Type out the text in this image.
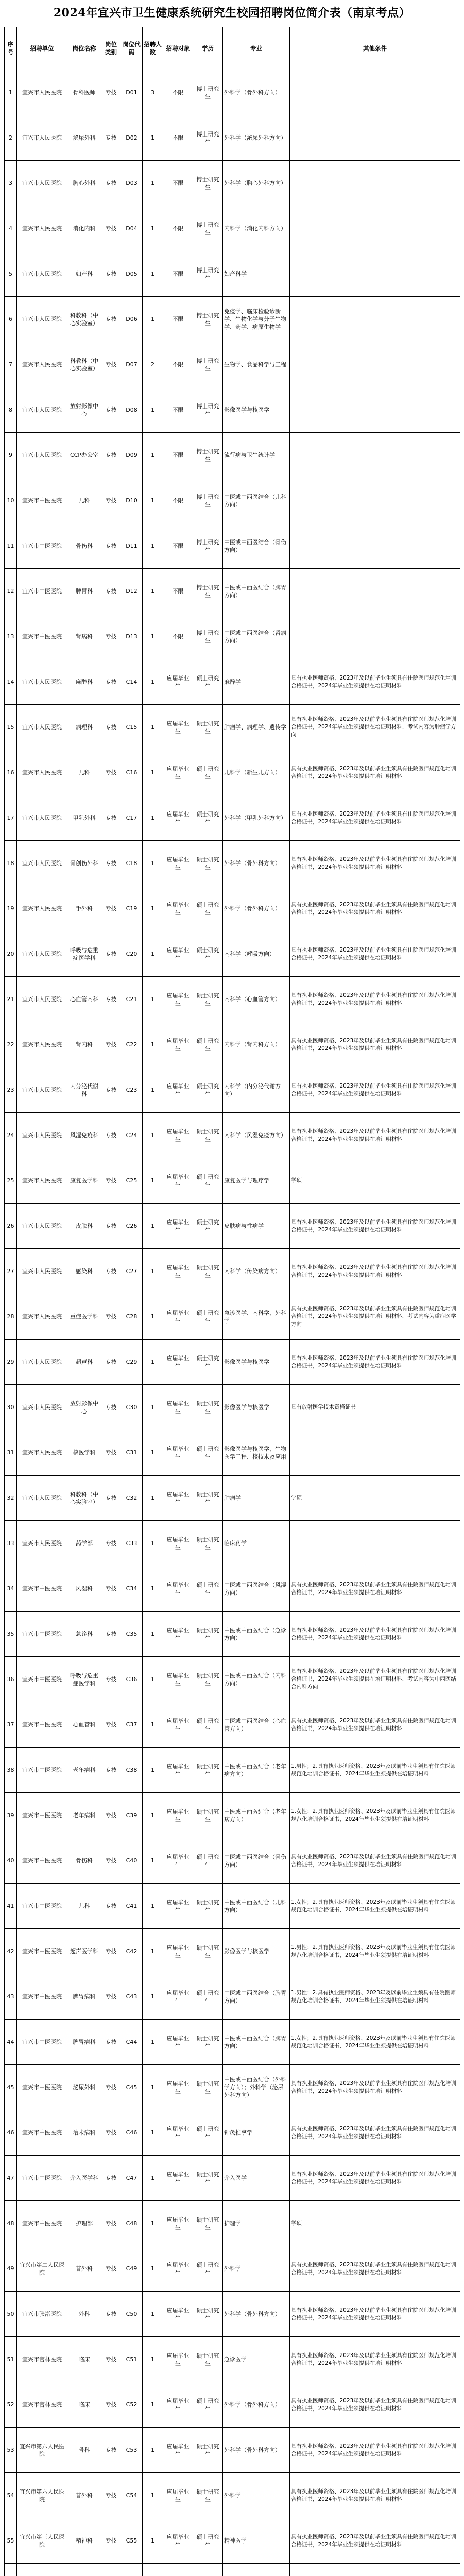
2024年宜兴市卫生健康系统研究生校园招聘岗位简介表（南京考点）
序号	招聘单位	岗位名称	岗位类别	岗位代码	招聘人数	招聘对象	学历	专业	其他条件
1	宜兴市人民医院	骨科医师	专技	D01	3	不限	博士研究生	外科学（骨外科方向）	
2	宜兴市人民医院	泌尿外科	专技	D02	1	不限	博士研究生	外科学（泌尿外科方向）	
3	宜兴市人民医院	胸心外科	专技	D03	1	不限	博士研究生	外科学（胸心外科方向）	
4	宜兴市人民医院	消化内科	专技	D04	1	不限	博士研究生	内科学（消化内科方向）	
5	宜兴市人民医院	妇产科	专技	D05	1	不限	博士研究生	妇产科学	
6	宜兴市人民医院	科教科（中心实验室）	专技	D06	1	不限	博士研究生	免疫学、临床检验诊断学、生物化学与分子生物学、药学、病原生物学	
7	宜兴市人民医院	科教科（中心实验室）	专技	D07	2	不限	博士研究生	生物学、食品科学与工程	
8	宜兴市人民医院	放射影像中心	专技	D08	1	不限	博士研究生	影像医学与核医学	
9	宜兴市人民医院	CCP办公室	专技	D09	1	不限	博士研究生	流行病与卫生统计学	
10	宜兴市中医医院	儿科	专技	D10	1	不限	博士研究生	中医或中西医结合（儿科方向）	
11	宜兴市中医医院	骨伤科	专技	D11	1	不限	博士研究生	中医或中西医结合（骨伤方向）	
12	宜兴市中医医院	脾胃科	专技	D12	1	不限	博士研究生	中医或中西医结合（脾胃方向）	
13	宜兴市中医医院	肾病科	专技	D13	1	不限	博士研究生	中医或中西医结合（肾病方向）	
14	宜兴市人民医院	麻醉科	专技	C14	1	应届毕业生	硕士研究生	麻醉学	具有执业医师资格、2023年及以前毕业生须具有住院医师规范化培训合格证书，2024年毕业生须提供在培证明材料
15	宜兴市人民医院	病理科	专技	C15	1	应届毕业生	硕士研究生	肿瘤学、病理学、遗传学	具有执业医师资格、2023年及以前毕业生须具有住院医师规范化培训合格证书，2024年毕业生须提供在培证明材料，考试内容为肿瘤学方向
16	宜兴市人民医院	儿科	专技	C16	1	应届毕业生	硕士研究生	儿科学（新生儿方向）	具有执业医师资格、2023年及以前毕业生须具有住院医师规范化培训合格证书，2024年毕业生须提供在培证明材料
17	宜兴市人民医院	甲乳外科	专技	C17	1	应届毕业生	硕士研究生	外科学（甲乳外科方向）	具有执业医师资格、2023年及以前毕业生须具有住院医师规范化培训合格证书，2024年毕业生须提供在培证明材料
18	宜兴市人民医院	骨创伤外科	专技	C18	1	应届毕业生	硕士研究生	外科学（骨外科方向）	具有执业医师资格、2023年及以前毕业生须具有住院医师规范化培训合格证书，2024年毕业生须提供在培证明材料
19	宜兴市人民医院	手外科	专技	C19	1	应届毕业生	硕士研究生	外科学（骨外科方向）	具有执业医师资格、2023年及以前毕业生须具有住院医师规范化培训合格证书，2024年毕业生须提供在培证明材料
20	宜兴市人民医院	呼吸与危重症医学科	专技	C20	1	应届毕业生	硕士研究生	内科学（呼吸方向）	具有执业医师资格、2023年及以前毕业生须具有住院医师规范化培训合格证书，2024年毕业生须提供在培证明材料
21	宜兴市人民医院	心血管内科	专技	C21	1	应届毕业生	硕士研究生	内科学（心血管方向）	具有执业医师资格、2023年及以前毕业生须具有住院医师规范化培训合格证书，2024年毕业生须提供在培证明材料
22	宜兴市人民医院	肾内科	专技	C22	1	应届毕业生	硕士研究生	内科学（肾内科方向）	具有执业医师资格、2023年及以前毕业生须具有住院医师规范化培训合格证书，2024年毕业生须提供在培证明材料
23	宜兴市人民医院	内分泌代谢科	专技	C23	1	应届毕业生	硕士研究生	内科学（内分泌代谢方向）	具有执业医师资格、2023年及以前毕业生须具有住院医师规范化培训合格证书，2024年毕业生须提供在培证明材料
24	宜兴市人民医院	风湿免疫科	专技	C24	1	应届毕业生	硕士研究生	内科学（风湿免疫方向）	具有执业医师资格、2023年及以前毕业生须具有住院医师规范化培训合格证书，2024年毕业生须提供在培证明材料
25	宜兴市人民医院	康复医学科	专技	C25	1	应届毕业生	硕士研究生	康复医学与理疗学	学硕
26	宜兴市人民医院	皮肤科	专技	C26	1	应届毕业生	硕士研究生	皮肤病与性病学	具有执业医师资格、2023年及以前毕业生须具有住院医师规范化培训合格证书，2024年毕业生须提供在培证明材料
27	宜兴市人民医院	感染科	专技	C27	1	应届毕业生	硕士研究生	内科学（传染病方向）	具有执业医师资格、2023年及以前毕业生须具有住院医师规范化培训合格证书，2024年毕业生须提供在培证明材料
28	宜兴市人民医院	重症医学科	专技	C28	1	应届毕业生	硕士研究生	急诊医学、内科学、外科学	具有执业医师资格、2023年及以前毕业生须具有住院医师规范化培训合格证书，2024年毕业生须提供在培证明材料，考试内容为重症医学方向
29	宜兴市人民医院	超声科	专技	C29	1	应届毕业生	硕士研究生	影像医学与核医学	具有执业医师资格、2023年及以前毕业生须具有住院医师规范化培训合格证书，2024年毕业生须提供在培证明材料
30	宜兴市人民医院	放射影像中心	专技	C30	1	应届毕业生	硕士研究生	影像医学与核医学	具有放射医学技术资格证书
31	宜兴市人民医院	核医学科	专技	C31	1	应届毕业生	硕士研究生	影像医学与核医学、生物医学工程、核技术及应用	
32	宜兴市人民医院	科教科（中心实验室）	专技	C32	1	应届毕业生	硕士研究生	肿瘤学	学硕
33	宜兴市人民医院	药学部	专技	C33	1	应届毕业生	硕士研究生	临床药学	
34	宜兴市中医医院	风湿科	专技	C34	1	应届毕业生	硕士研究生	中医或中西医结合（风湿方向）	具有执业医师资格、2023年及以前毕业生须具有住院医师规范化培训合格证书，2024年毕业生须提供在培证明材料
35	宜兴市中医医院	急诊科	专技	C35	1	应届毕业生	硕士研究生	中医或中西医结合（急诊方向）	具有执业医师资格、2023年及以前毕业生须具有住院医师规范化培训合格证书，2024年毕业生须提供在培证明材料
36	宜兴市中医医院	呼吸与危重症医学科	专技	C36	1	应届毕业生	硕士研究生	中医或中西医结合（内科方向）	具有执业医师资格、2023年及以前毕业生须具有住院医师规范化培训合格证书，2024年毕业生须提供在培证明材料，考试内容为中西医结合内科方向
37	宜兴市中医医院	心血管科	专技	C37	1	应届毕业生	硕士研究生	中医或中西医结合（心血管方向）	具有执业医师资格、2023年及以前毕业生须具有住院医师规范化培训合格证书，2024年毕业生须提供在培证明材料
38	宜兴市中医医院	老年病科	专技	C38	1	应届毕业生	硕士研究生	中医或中西医结合（老年病方向）	1.男性；2.具有执业医师资格、2023年及以前毕业生须具有住院医师规范化培训合格证书，2024年毕业生须提供在培证明材料
39	宜兴市中医医院	老年病科	专技	C39	1	应届毕业生	硕士研究生	中医或中西医结合（老年病方向）	1.女性；2.具有执业医师资格、2023年及以前毕业生须具有住院医师规范化培训合格证书，2024年毕业生须提供在培证明材料
40	宜兴市中医医院	骨伤科	专技	C40	1	应届毕业生	硕士研究生	中医或中西医结合（骨伤方向）	具有执业医师资格、2023年及以前毕业生须具有住院医师规范化培训合格证书，2024年毕业生须提供在培证明材料
41	宜兴市中医医院	儿科	专技	C41	1	应届毕业生	硕士研究生	中医或中西医结合（儿科方向）	1.女性；2.具有执业医师资格、2023年及以前毕业生须具有住院医师规范化培训合格证书，2024年毕业生须提供在培证明材料
42	宜兴市中医医院	超声医学科	专技	C42	1	应届毕业生	硕士研究生	影像医学与核医学	1.男性；2.具有执业医师资格、2023年及以前毕业生须具有住院医师规范化培训合格证书，2024年毕业生须提供在培证明材料
43	宜兴市中医医院	脾胃病科	专技	C43	1	应届毕业生	硕士研究生	中医或中西医结合（脾胃方向）	1.男性；2.具有执业医师资格、2023年及以前毕业生须具有住院医师规范化培训合格证书，2024年毕业生须提供在培证明材料
44	宜兴市中医医院	脾胃病科	专技	C44	1	应届毕业生	硕士研究生	中医或中西医结合（脾胃方向）	1.女性；2.具有执业医师资格、2023年及以前毕业生须具有住院医师规范化培训合格证书，2024年毕业生须提供在培证明材料
45	宜兴市中医医院	泌尿外科	专技	C45	1	应届毕业生	硕士研究生	中医或中西医结合（外科学方向）；外科学（泌尿外科方向）	具有执业医师资格、2023年及以前毕业生须具有住院医师规范化培训合格证书，2024年毕业生须提供在培证明材料
46	宜兴市中医医院	治未病科	专技	C46	1	应届毕业生	硕士研究生	针灸推拿学	具有执业医师资格、2023年及以前毕业生须具有住院医师规范化培训合格证书，2024年毕业生须提供在培证明材料
47	宜兴市中医医院	介入医学科	专技	C47	1	应届毕业生	硕士研究生	介入医学	具有执业医师资格、2023年及以前毕业生须具有住院医师规范化培训合格证书，2024年毕业生须提供在培证明材料
48	宜兴市中医医院	护理部	专技	C48	1	应届毕业生	硕士研究生	护理学	学硕
49	宜兴市第二人民医院	普外科	专技	C49	1	应届毕业生	硕士研究生	外科学	具有执业医师资格、2023年及以前毕业生须具有住院医师规范化培训合格证书，2024年毕业生须提供在培证明材料
50	宜兴市张渚医院	外科	专技	C50	1	应届毕业生	硕士研究生	外科学（骨外科方向）	具有执业医师资格、2023年及以前毕业生须具有住院医师规范化培训合格证书，2024年毕业生须提供在培证明材料
51	宜兴市官林医院	临床	专技	C51	1	应届毕业生	硕士研究生	急诊医学	具有执业医师资格、2023年及以前毕业生须具有住院医师规范化培训合格证书，2024年毕业生须提供在培证明材料
52	宜兴市官林医院	临床	专技	C52	1	应届毕业生	硕士研究生	外科学（骨外科方向）	具有执业医师资格、2023年及以前毕业生须具有住院医师规范化培训合格证书，2024年毕业生须提供在培证明材料
53	宜兴市第六人民医院	骨科	专技	C53	1	应届毕业生	硕士研究生	外科学（骨外科方向）	具有执业医师资格、2023年及以前毕业生须具有住院医师规范化培训合格证书，2024年毕业生须提供在培证明材料
54	宜兴市第六人民医院	普外科	专技	C54	1	应届毕业生	硕士研究生	外科学	具有执业医师资格、2023年及以前毕业生须具有住院医师规范化培训合格证书，2024年毕业生须提供在培证明材料
55	宜兴市第三人民医院	精神科	专技	C55	1	应届毕业生	硕士研究生	精神医学	具有执业医师资格、2023年及以前毕业生须具有住院医师规范化培训合格证书，2024年毕业生须提供在培证明材料
